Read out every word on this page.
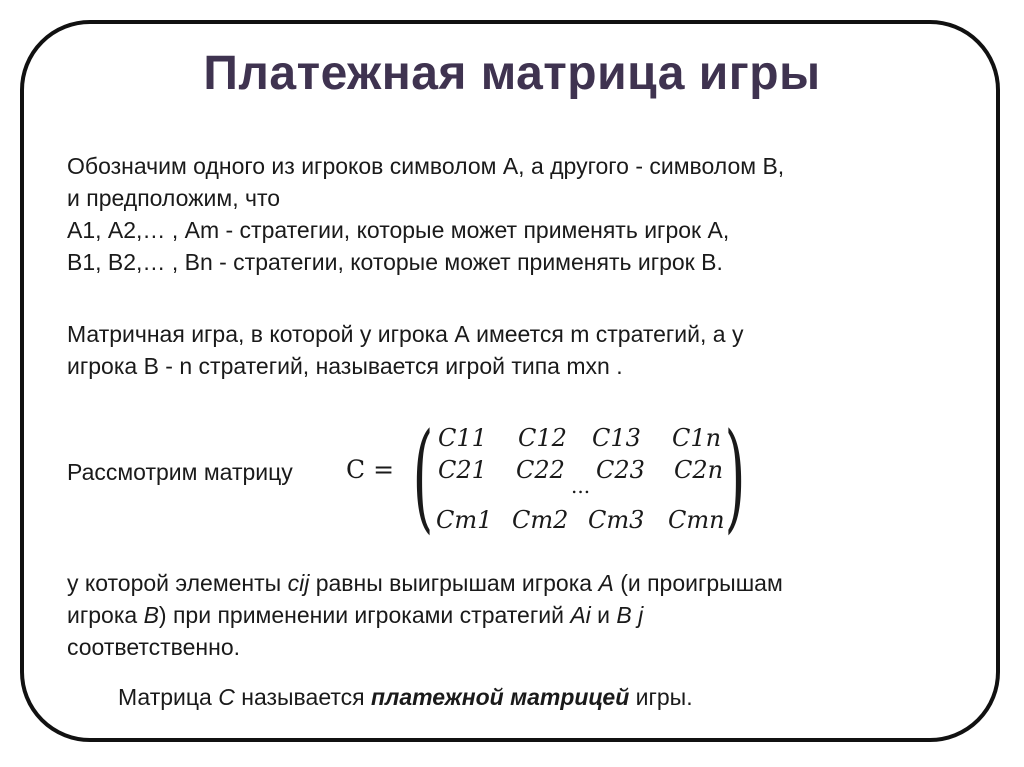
Платежная матрица игры
Обозначим одного из игроков символом А, а другого - символом В,
и предположим, что
А1, А2,… , Аm - стратегии, которые может применять игрок А,
В1, В2,… , Вn - стратегии, которые может применять игрок В.
Матричная игра, в которой у игрока А имеется m стратегий, а у
игрока В - n стратегий, называется игрой типа mxn .
Рассмотрим матрицу C = ( )
C11 C12 C13 C1n
C21 C22 C23 C2n
...
Cm1 Cm2 Cm3 Cmn
у которой элементы cij равны выигрышам игрока А (и проигрышам
игрока В) при применении игроками стратегий Ai и В j
соответственно.
Матрица С называется платежной матрицей игры.
